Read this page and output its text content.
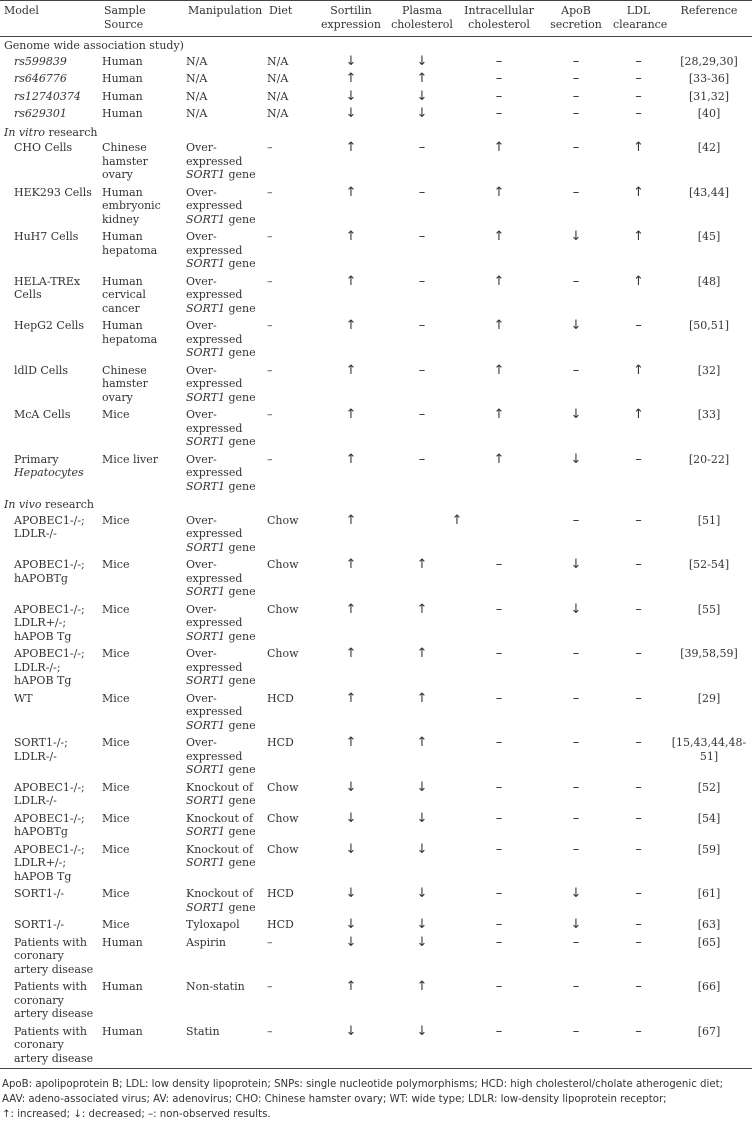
Model	Sample Source	Manipulation	Diet	Sortilin expression	Plasma cholesterol	Intracellular cholesterol	ApoB secretion	LDL clearance	Reference
Genome wide association study)									
rs599839	Human	N/A	N/A	↓	↓	–	–	–	[28,29,30]
rs646776	Human	N/A	N/A	↑	↑	–	–	–	[33-36]
rs12740374	Human	N/A	N/A	↓	↓	–	–	–	[31,32]
rs629301	Human	N/A	N/A	↓	↓	–	–	–	[40]
In vitro research									
CHO Cells	Chinese hamster ovary	Over-expressed SORT1 gene	–	↑	–	↑	–	↑	[42]
HEK293 Cells	Human embryonic kidney	Over-expressed SORT1 gene	–	↑	–	↑	–	↑	[43,44]
HuH7 Cells	Human hepatoma	Over-expressed SORT1 gene	–	↑	–	↑	↓	↑	[45]
HELA-TREx Cells	Human cervical cancer	Over-expressed SORT1 gene	–	↑	–	↑	–	↑	[48]
HepG2 Cells	Human hepatoma	Over-expressed SORT1 gene	–	↑	–	↑	↓	–	[50,51]
ldlD Cells	Chinese hamster ovary	Over-expressed SORT1 gene	–	↑	–	↑	–	↑	[32]
McA Cells	Mice	Over-expressed SORT1 gene	–	↑	–	↑	↓	↑	[33]
Primary
Hepatocytes	Mice liver	Over-expressed SORT1 gene	–	↑	–	↑	↓	–	[20-22]
In vivo research									
APOBEC1-/-; LDLR-/-	Mice	Over-expressed SORT1 gene	Chow	↑		↑	–	–	[51]
APOBEC1-/-; hAPOBTg	Mice	Over-expressed SORT1 gene	Chow	↑	↑	–	↓	–	[52-54]
APOBEC1-/-; LDLR+/-; hAPOB Tg	Mice	Over-expressed SORT1 gene	Chow	↑	↑	–	↓	–	[55]
APOBEC1-/-; LDLR-/-; hAPOB Tg	Mice	Over-expressed SORT1 gene	Chow	↑	↑	–	–	–	[39,58,59]
WT	Mice	Over-expressed SORT1 gene	HCD	↑	↑	–	–	–	[29]
SORT1-/-; LDLR-/-	Mice	Over-expressed SORT1 gene	HCD	↑	↑	–	–	–	[15,43,44,48-51]
APOBEC1-/-; LDLR-/-	Mice	Knockout of SORT1 gene	Chow	↓	↓	–	–	–	[52]
APOBEC1-/-; hAPOBTg	Mice	Knockout of SORT1 gene	Chow	↓	↓	–	–	–	[54]
APOBEC1-/-; LDLR+/-; hAPOB Tg	Mice	Knockout of SORT1 gene	Chow	↓	↓	–	–	–	[59]
SORT1-/-	Mice	Knockout of SORT1 gene	HCD	↓	↓	–	↓	–	[61]
SORT1-/-	Mice	Tyloxapol	HCD	↓	↓	–	↓	–	[63]
Patients with coronary artery disease	Human	Aspirin	–	↓	↓	–	–	–	[65]
Patients with coronary artery disease	Human	Non-statin	–	↑	↑	–	–	–	[66]
Patients with coronary artery disease	Human	Statin	–	↓	↓	–	–	–	[67]
ApoB: apolipoprotein B; LDL: low density lipoprotein; SNPs: single nucleotide polymorphisms; HCD: high cholesterol/cholate atherogenic diet;
AAV: adeno-associated virus; AV: adenovirus; CHO: Chinese hamster ovary; WT: wide type; LDLR: low-density lipoprotein receptor;
↑: increased; ↓: decreased; –: non-observed results.
